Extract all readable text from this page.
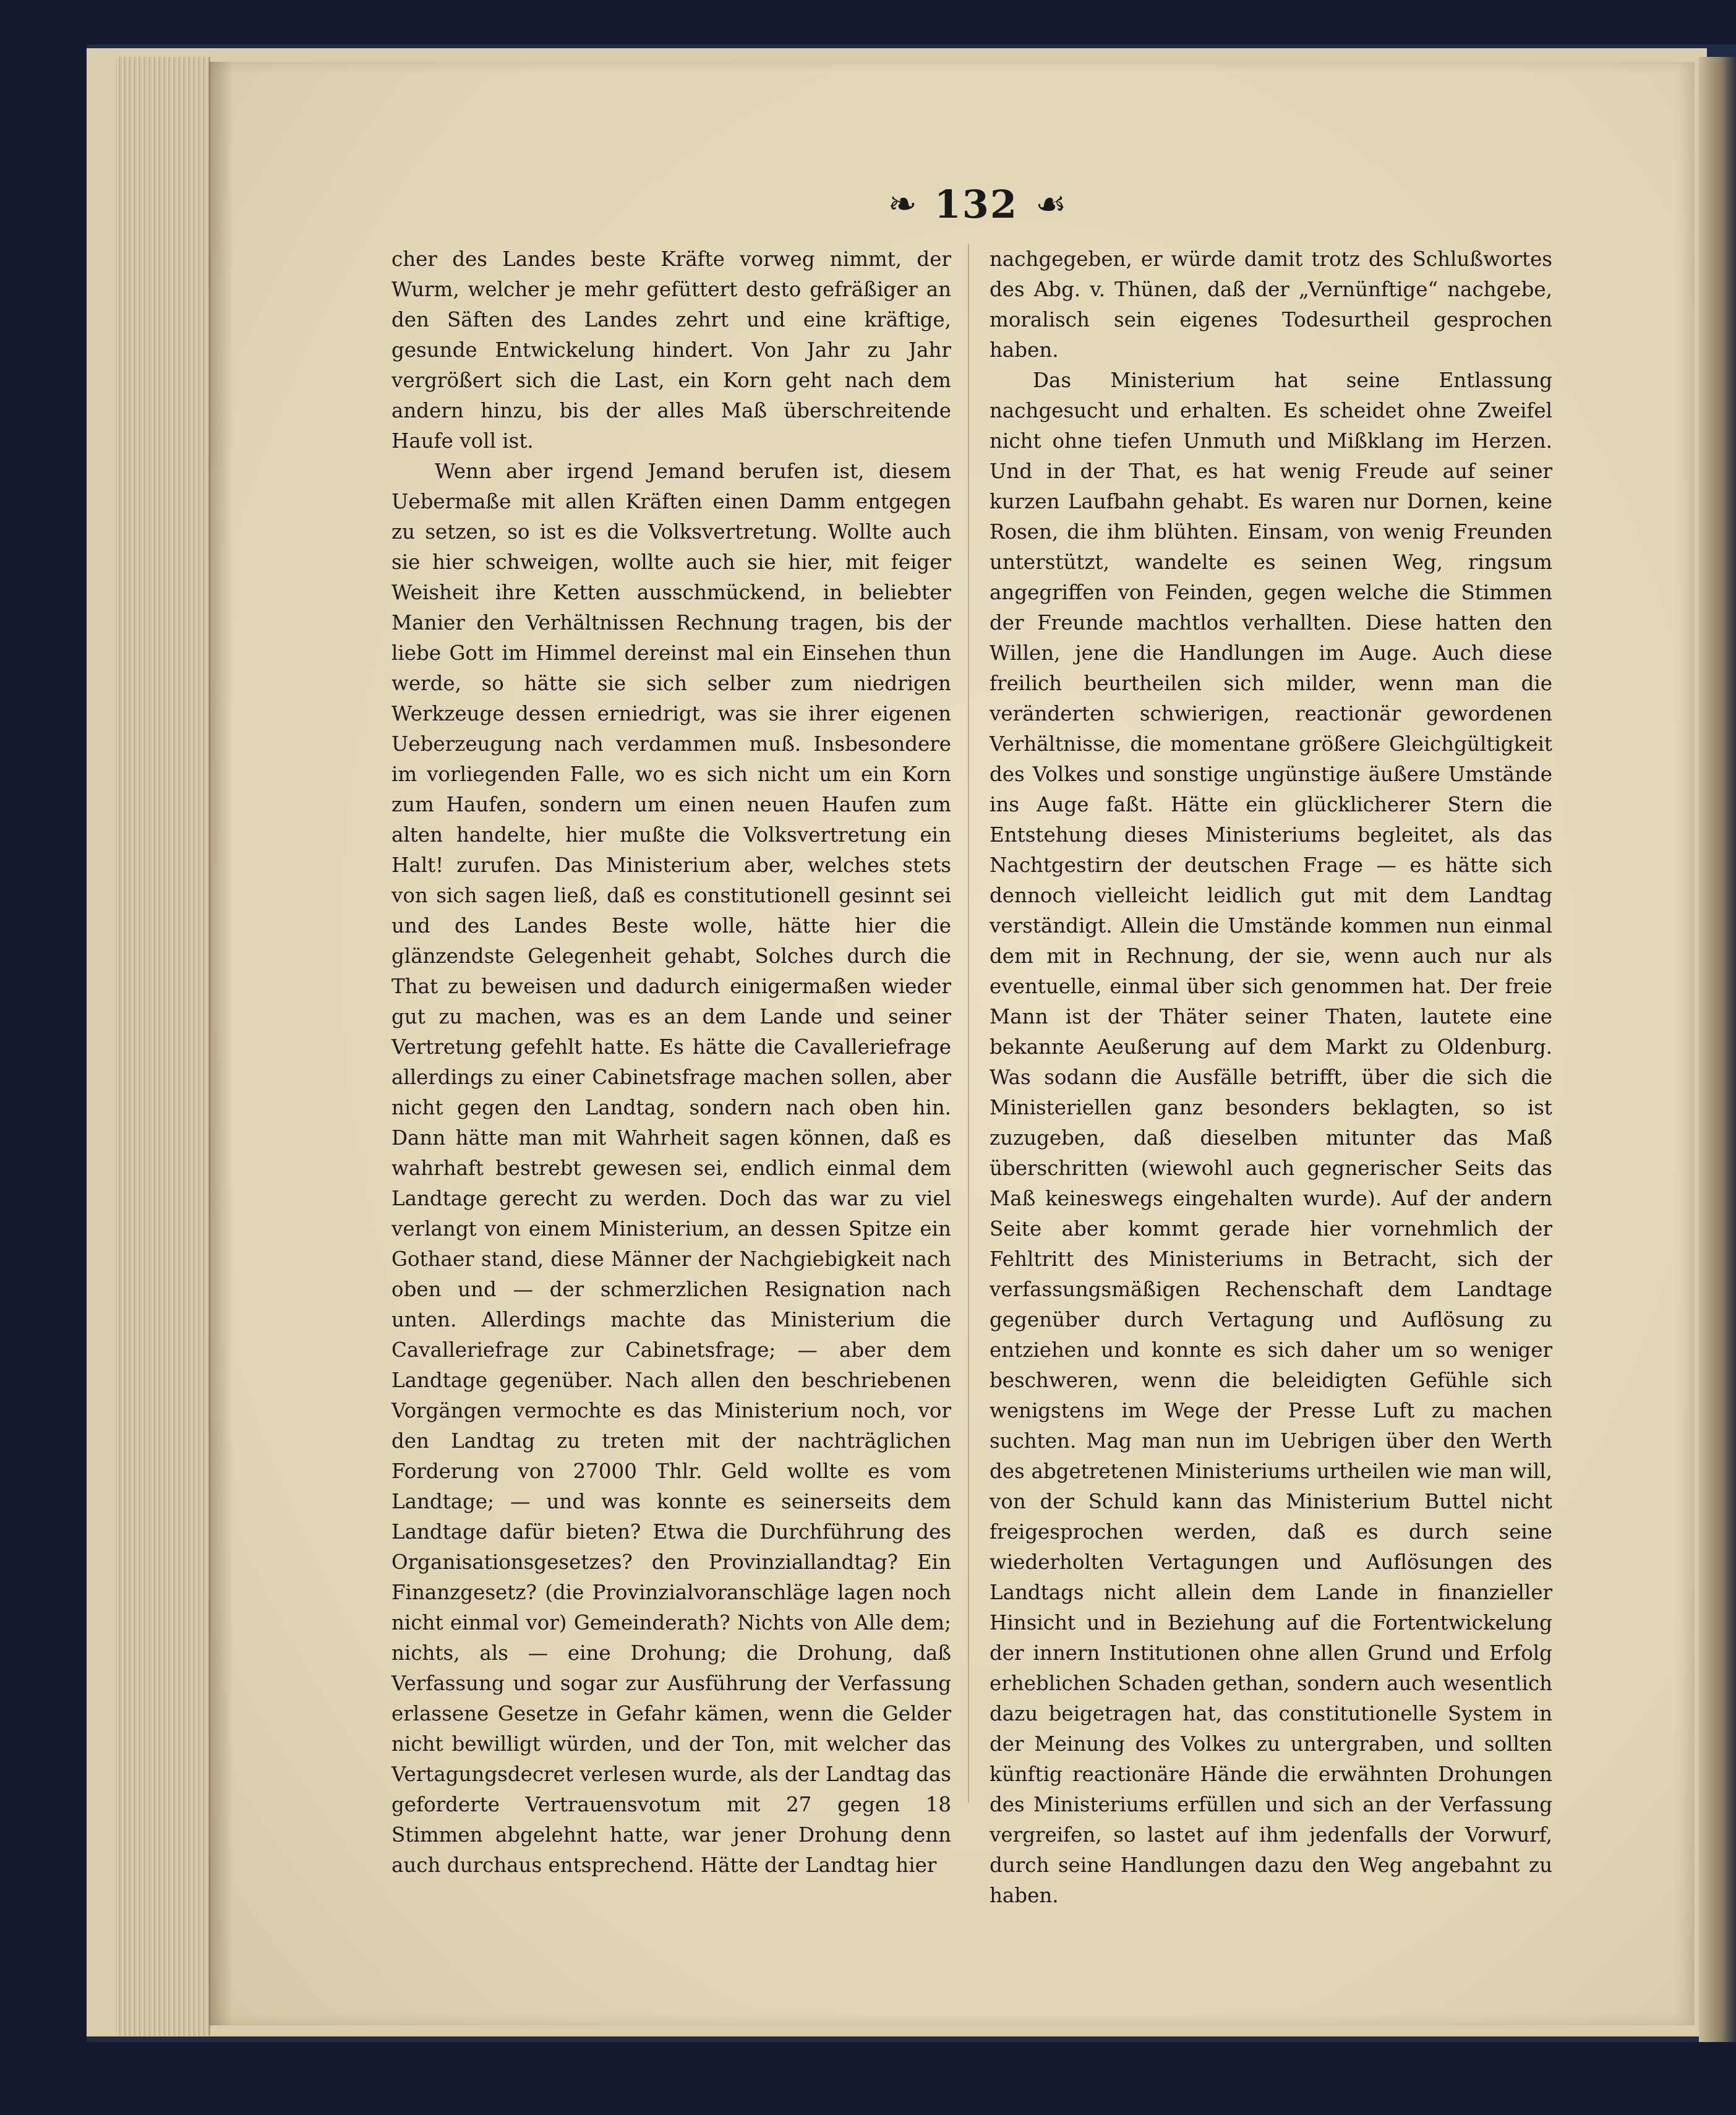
❧ 132 ☙

cher des Landes beste Kräfte vorweg nimmt, der Wurm, welcher je mehr gefüttert desto gefräßiger an den Säften des Landes zehrt und eine kräftige, gesunde Entwickelung hindert. Von Jahr zu Jahr vergrößert sich die Last, ein Korn geht nach dem andern hinzu, bis der alles Maß überschreitende Haufe voll ist.

Wenn aber irgend Jemand berufen ist, diesem Uebermaße mit allen Kräften einen Damm entgegen zu setzen, so ist es die Volksvertretung. Wollte auch sie hier schweigen, wollte auch sie hier, mit feiger Weisheit ihre Ketten ausschmückend, in beliebter Manier den Verhältnissen Rechnung tragen, bis der liebe Gott im Himmel dereinst mal ein Einsehen thun werde, so hätte sie sich selber zum niedrigen Werkzeuge dessen erniedrigt, was sie ihrer eigenen Ueberzeugung nach verdammen muß. Insbesondere im vorliegenden Falle, wo es sich nicht um ein Korn zum Haufen, sondern um einen neuen Haufen zum alten handelte, hier mußte die Volksvertretung ein Halt! zurufen. Das Ministerium aber, welches stets von sich sagen ließ, daß es constitutionell gesinnt sei und des Landes Beste wolle, hätte hier die glänzendste Gelegenheit gehabt, Solches durch die That zu beweisen und dadurch einigermaßen wieder gut zu machen, was es an dem Lande und seiner Vertretung gefehlt hatte. Es hätte die Cavalleriefrage allerdings zu einer Cabinetsfrage machen sollen, aber nicht gegen den Landtag, sondern nach oben hin. Dann hätte man mit Wahrheit sagen können, daß es wahrhaft bestrebt gewesen sei, endlich einmal dem Landtage gerecht zu werden. Doch das war zu viel verlangt von einem Ministerium, an dessen Spitze ein Gothaer stand, diese Männer der Nachgiebigkeit nach oben und — der schmerzlichen Resignation nach unten. Allerdings machte das Ministerium die Cavalleriefrage zur Cabinetsfrage; — aber dem Landtage gegenüber. Nach allen den beschriebenen Vorgängen vermochte es das Ministerium noch, vor den Landtag zu treten mit der nachträglichen Forderung von 27000 Thlr. Geld wollte es vom Landtage; — und was konnte es seinerseits dem Landtage dafür bieten? Etwa die Durchführung des Organisationsgesetzes? den Provinziallandtag? Ein Finanzgesetz? (die Provinzialvoranschläge lagen noch nicht einmal vor) Gemeinderath? Nichts von Alle dem; nichts, als — eine Drohung; die Drohung, daß Verfassung und sogar zur Ausführung der Verfassung erlassene Gesetze in Gefahr kämen, wenn die Gelder nicht bewilligt würden, und der Ton, mit welcher das Vertagungsdecret verlesen wurde, als der Landtag das geforderte Vertrauensvotum mit 27 gegen 18 Stimmen abgelehnt hatte, war jener Drohung denn auch durchaus entsprechend. Hätte der Landtag hier

nachgegeben, er würde damit trotz des Schlußwortes des Abg. v. Thünen, daß der „Vernünftige“ nachgebe, moralisch sein eigenes Todesurtheil gesprochen haben.

Das Ministerium hat seine Entlassung nachgesucht und erhalten. Es scheidet ohne Zweifel nicht ohne tiefen Unmuth und Mißklang im Herzen. Und in der That, es hat wenig Freude auf seiner kurzen Laufbahn gehabt. Es waren nur Dornen, keine Rosen, die ihm blühten. Einsam, von wenig Freunden unterstützt, wandelte es seinen Weg, ringsum angegriffen von Feinden, gegen welche die Stimmen der Freunde machtlos verhallten. Diese hatten den Willen, jene die Handlungen im Auge. Auch diese freilich beurtheilen sich milder, wenn man die veränderten schwierigen, reactionär gewordenen Verhältnisse, die momentane größere Gleichgültigkeit des Volkes und sonstige ungünstige äußere Umstände ins Auge faßt. Hätte ein glücklicherer Stern die Entstehung dieses Ministeriums begleitet, als das Nachtgestirn der deutschen Frage — es hätte sich dennoch vielleicht leidlich gut mit dem Landtag verständigt. Allein die Umstände kommen nun einmal dem mit in Rechnung, der sie, wenn auch nur als eventuelle, einmal über sich genommen hat. Der freie Mann ist der Thäter seiner Thaten, lautete eine bekannte Aeußerung auf dem Markt zu Oldenburg. Was sodann die Ausfälle betrifft, über die sich die Ministeriellen ganz besonders beklagten, so ist zuzugeben, daß dieselben mitunter das Maß überschritten (wiewohl auch gegnerischer Seits das Maß keineswegs eingehalten wurde). Auf der andern Seite aber kommt gerade hier vornehmlich der Fehltritt des Ministeriums in Betracht, sich der verfassungsmäßigen Rechenschaft dem Landtage gegenüber durch Vertagung und Auflösung zu entziehen und konnte es sich daher um so weniger beschweren, wenn die beleidigten Gefühle sich wenigstens im Wege der Presse Luft zu machen suchten. Mag man nun im Uebrigen über den Werth des abgetretenen Ministeriums urtheilen wie man will, von der Schuld kann das Ministerium Buttel nicht freigesprochen werden, daß es durch seine wiederholten Vertagungen und Auflösungen des Landtags nicht allein dem Lande in finanzieller Hinsicht und in Beziehung auf die Fortentwickelung der innern Institutionen ohne allen Grund und Erfolg erheblichen Schaden gethan, sondern auch wesentlich dazu beigetragen hat, das constitutionelle System in der Meinung des Volkes zu untergraben, und sollten künftig reactionäre Hände die erwähnten Drohungen des Ministeriums erfüllen und sich an der Verfassung vergreifen, so lastet auf ihm jedenfalls der Vorwurf, durch seine Handlungen dazu den Weg angebahnt zu haben.
